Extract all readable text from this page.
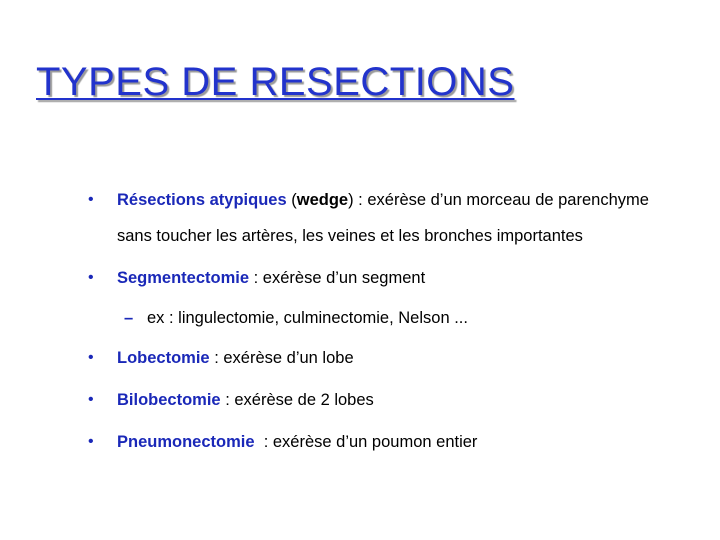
TYPES DE RESECTIONS
• Résections atypiques (wedge) : exérèse d’un morceau de parenchyme sans toucher les artères, les veines et les bronches importantes
• Segmentectomie : exérèse d’un segment
– ex : lingulectomie, culminectomie, Nelson ...
• Lobectomie : exérèse d’un lobe
• Bilobectomie : exérèse de 2 lobes
• Pneumonectomie  : exérèse d’un poumon entier
